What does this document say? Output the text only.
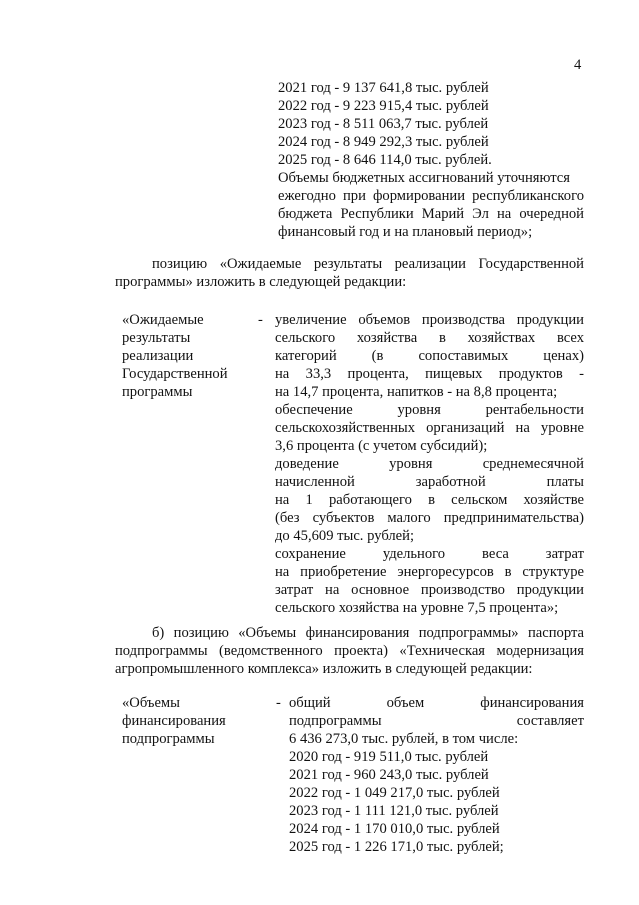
4
2021 год - 9 137 641,8 тыс. рублей
2022 год - 9 223 915,4 тыс. рублей
2023 год - 8 511 063,7 тыс. рублей
2024 год - 8 949 292,3 тыс. рублей
2025 год - 8 646 114,0 тыс. рублей.
Объемы бюджетных ассигнований уточняются
ежегодно при формировании республиканского
бюджета Республики Марий Эл на очередной
финансовый год и на плановый период»;
позицию «Ожидаемые результаты реализации Государственной
программы» изложить в следующей редакции:
«Ожидаемые
результаты
реализации
Государственной
программы
- увеличение объемов производства продукции
сельского хозяйства в хозяйствах всех
категорий (в сопоставимых ценах)
на 33,3 процента, пищевых продуктов -
на 14,7 процента, напитков - на 8,8 процента;
обеспечение уровня рентабельности
сельскохозяйственных организаций на уровне
3,6 процента (с учетом субсидий);
доведение уровня среднемесячной
начисленной заработной платы
на 1 работающего в сельском хозяйстве
(без субъектов малого предпринимательства)
до 45,609 тыс. рублей;
сохранение удельного веса затрат
на приобретение энергоресурсов в структуре
затрат на основное производство продукции
сельского хозяйства на уровне 7,5 процента»;
б) позицию «Объемы финансирования подпрограммы» паспорта
подпрограммы (ведомственного проекта) «Техническая модернизация
агропромышленного комплекса» изложить в следующей редакции:
«Объемы
финансирования
подпрограммы
- общий объем финансирования
подпрограммы составляет
6 436 273,0 тыс. рублей, в том числе:
2020 год - 919 511,0 тыс. рублей
2021 год - 960 243,0 тыс. рублей
2022 год - 1 049 217,0 тыс. рублей
2023 год - 1 111 121,0 тыс. рублей
2024 год - 1 170 010,0 тыс. рублей
2025 год - 1 226 171,0 тыс. рублей;
